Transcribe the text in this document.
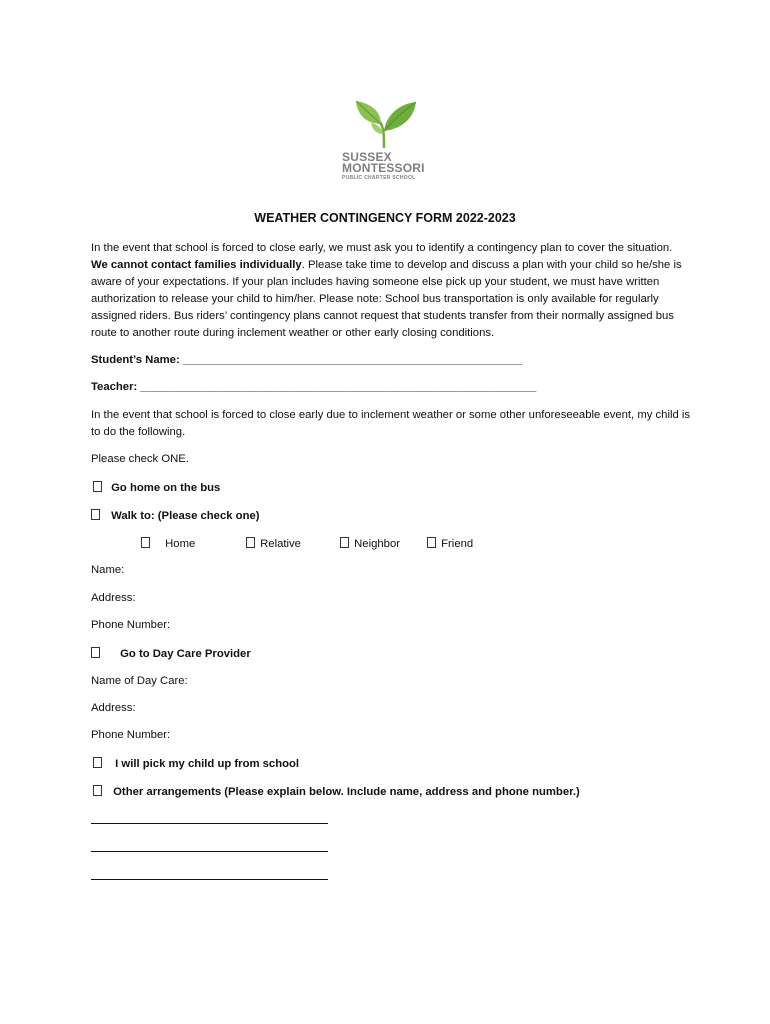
SUSSEX
MONTESSORI
PUBLIC CHARTER SCHOOL
WEATHER CONTINGENCY FORM 2022-2023

In the event that school is forced to close early, we must ask you to identify a contingency plan to cover the situation. We cannot contact families individually. Please take time to develop and discuss a plan with your child so he/she is aware of your expectations. If your plan includes having someone else pick up your student, we must have written authorization to release your child to him/her. Please note: School bus transportation is only available for regularly assigned riders. Bus riders’ contingency plans cannot request that students transfer from their normally assigned bus route to another route during inclement weather or other early closing conditions.

Student’s Name: ______________________________________________________
Teacher: _______________________________________________________________

In the event that school is forced to close early due to inclement weather or some other unforeseeable event, my child is to do the following.

Please check ONE.
Go home on the bus
Walk to: (Please check one)
Home	Relative	Neighbor	Friend
Name:
Address:
Phone Number:
Go to Day Care Provider
Name of Day Care:
Address:
Phone Number:
I will pick my child up from school
Other arrangements (Please explain below. Include name, address and phone number.)
